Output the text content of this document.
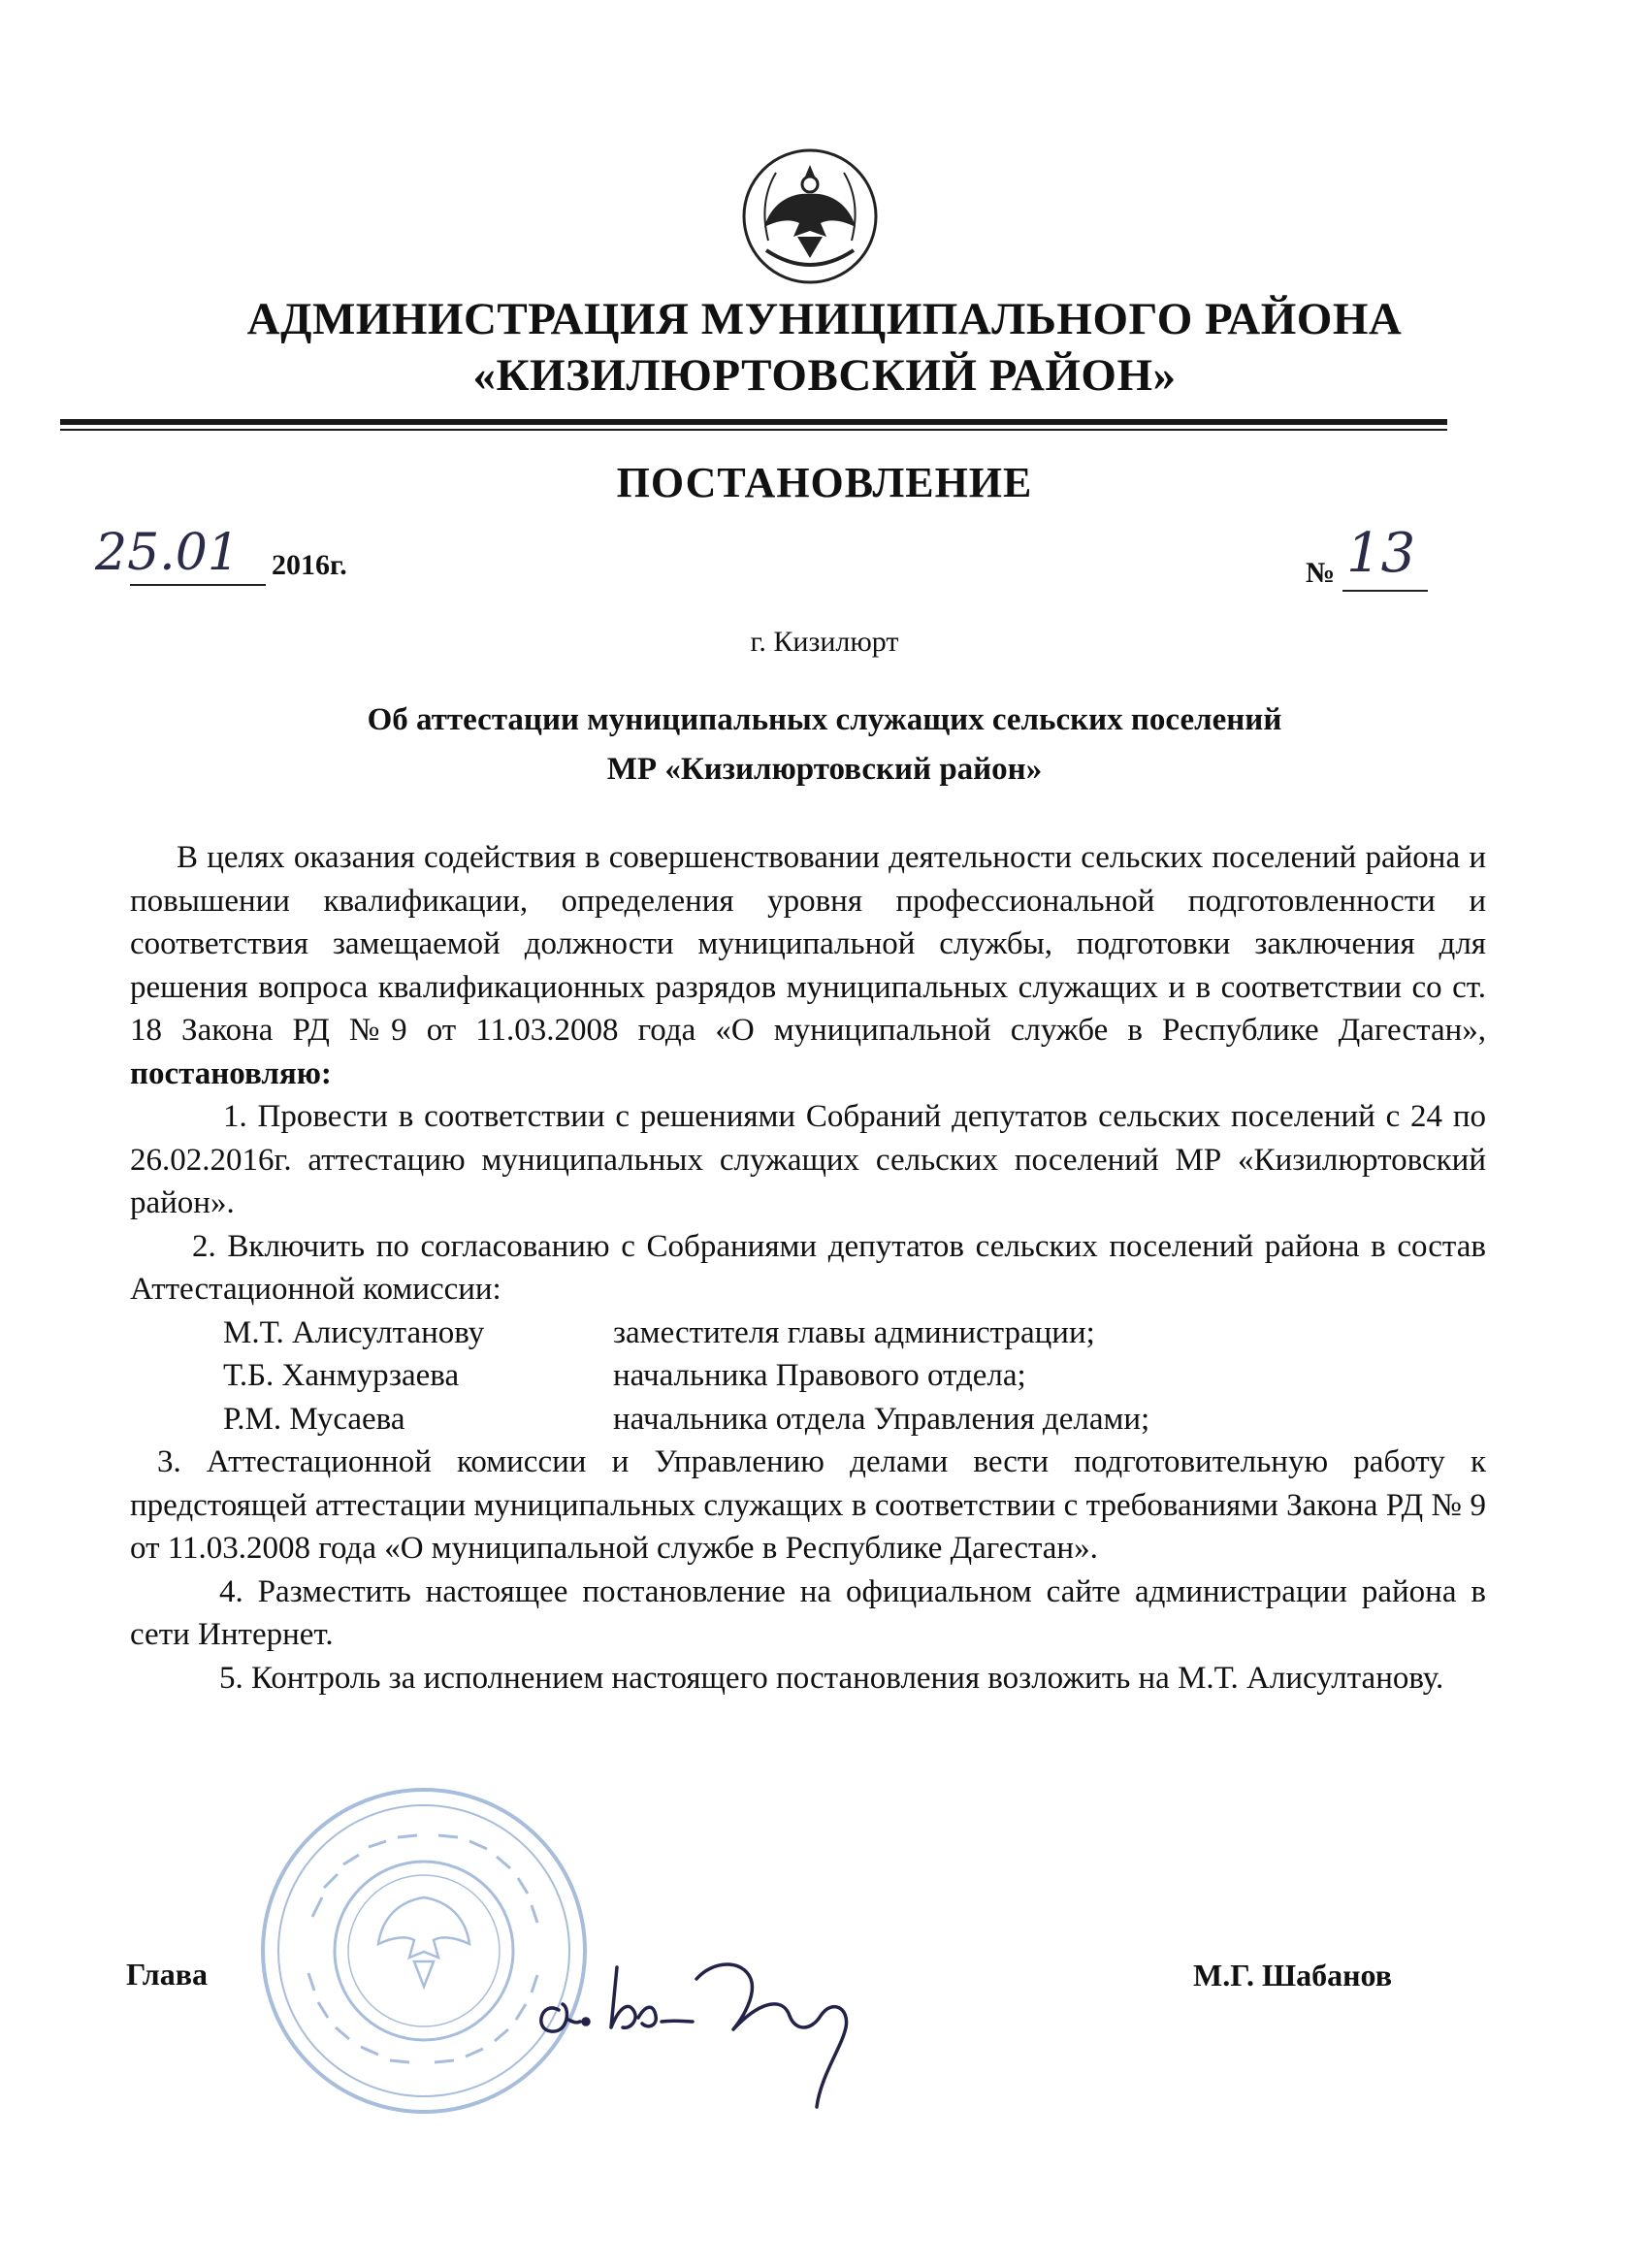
АДМИНИСТРАЦИЯ МУНИЦИПАЛЬНОГО РАЙОНА
«КИЗИЛЮРТОВСКИЙ РАЙОН»
ПОСТАНОВЛЕНИЕ
25.01	2016г.	№ 13
г. Кизилюрт
Об аттестации муниципальных служащих сельских поселений
МР «Кизилюртовский район»

В целях оказания содействия в совершенствовании деятельности сельских поселений района и повышении квалификации, определения уровня профессиональной подготовленности и соответствия замещаемой должности муниципальной службы, подготовки заключения для решения вопроса квалификационных разрядов муниципальных служащих и в соответствии со ст. 18 Закона РД №9 от 11.03.2008 года «О муниципальной службе в Республике Дагестан», постановляю:

1. Провести в соответствии с решениями Собраний депутатов сельских поселений с 24 по 26.02.2016г. аттестацию муниципальных служащих сельских поселений МР «Кизилюртовский район».

2. Включить по согласованию с Собраниями депутатов сельских поселений района в состав Аттестационной комиссии:

М.Т. Алисултанову	заместителя главы администрации;
Т.Б. Ханмурзаева	начальника Правового отдела;
Р.М. Мусаева	начальника отдела Управления делами;

3. Аттестационной комиссии и Управлению делами вести подготовительную работу к предстоящей аттестации муниципальных служащих в соответствии с требованиями Закона РД № 9 от 11.03.2008 года «О муниципальной службе в Республике Дагестан».

4. Разместить настоящее постановление на официальном сайте администрации района в сети Интернет.

5. Контроль за исполнением настоящего постановления возложить на М.Т. Алисултанову.

Глава	М.Г. Шабанов
